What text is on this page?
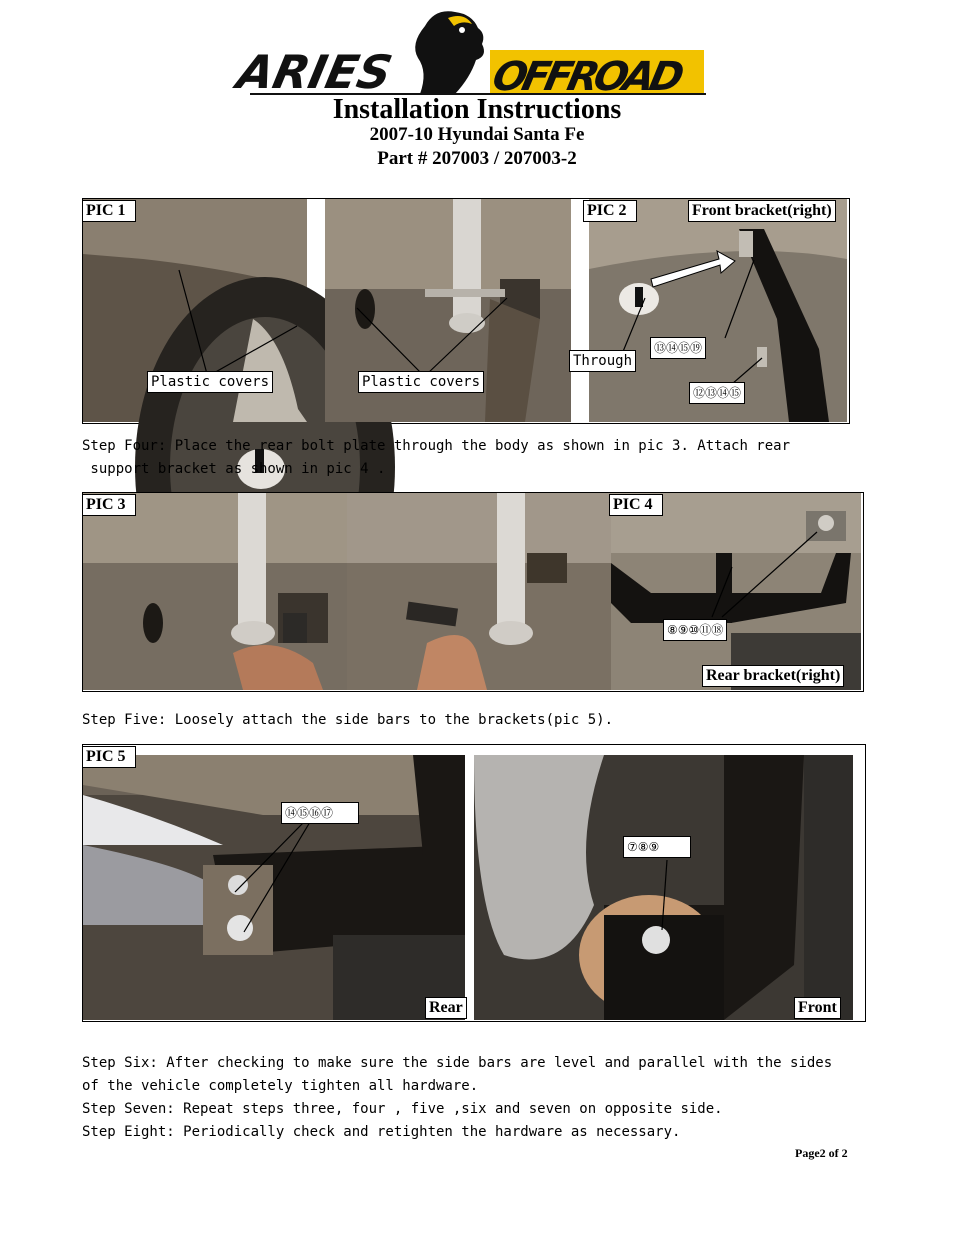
ARIES OFFROAD
Installation Instructions
2007-10 Hyundai Santa Fe
Part # 207003 / 207003-2
PIC 1
Plastic covers	Plastic covers
PIC 2	Front bracket(right)
Through
⑬⑭⑮⑲
⑫⑬⑭⑮
Step Four: Place the rear bolt plate through the body as shown in pic 3. Attach rear
support bracket as shown in pic 4 .
PIC 3	PIC 4
⑧⑨⑩⑪⑱
Rear bracket(right)
Step Five: Loosely attach the side bars to the brackets(pic 5).
PIC 5
⑭⑮⑯⑰
⑦⑧⑨
Rear	Front
Step Six: After checking to make sure the side bars are level and parallel with the sides
of the vehicle completely tighten all hardware.
Step Seven: Repeat steps three, four , five ,six and seven on opposite side.
Step Eight: Periodically check and retighten the hardware as necessary.
Page2 of 2
